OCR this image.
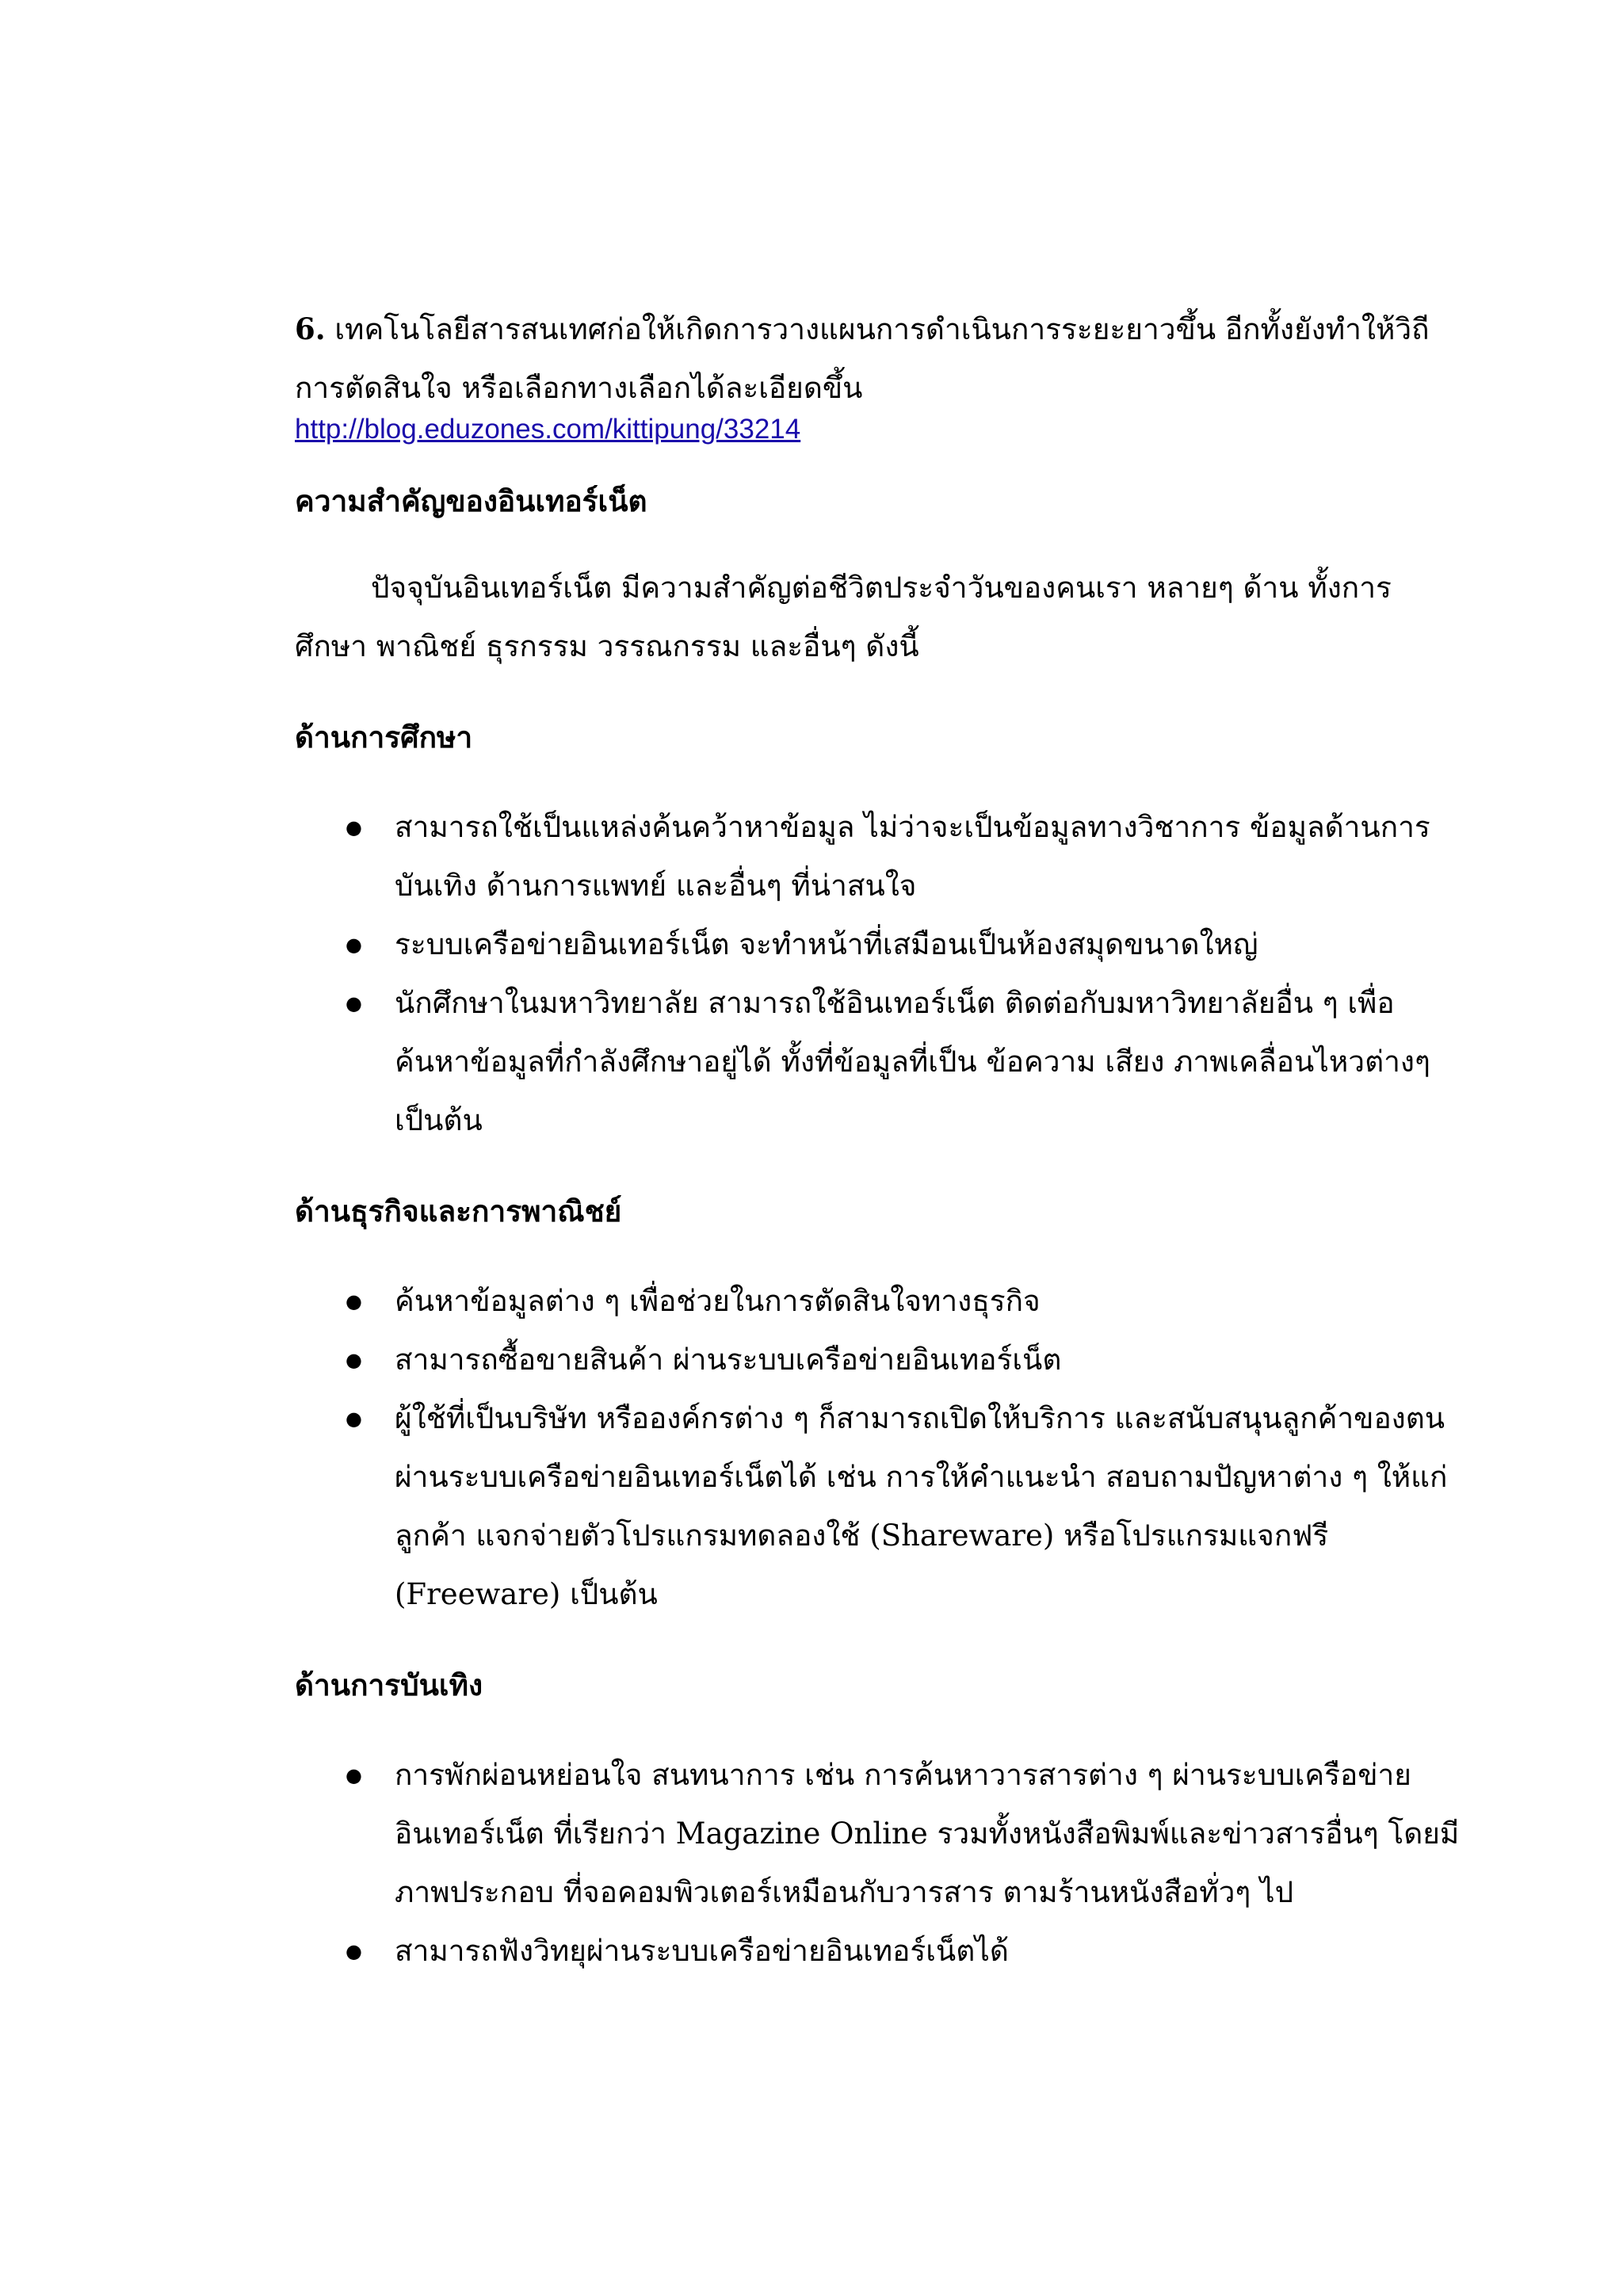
6. เทคโนโลยีสารสนเทศก่อให้เกิดการวางแผนการดำเนินการระยะยาวขึ้น อีกทั้งยังทำให้วิถีการตัดสินใจ หรือเลือกทางเลือกได้ละเอียดขึ้น

http://blog.eduzones.com/kittipung/33214

ความสำคัญของอินเทอร์เน็ต

ปัจจุบันอินเทอร์เน็ต มีความสำคัญต่อชีวิตประจำวันของคนเรา หลายๆ ด้าน ทั้งการศึกษา พาณิชย์ ธุรกรรม วรรณกรรม และอื่นๆ ดังนี้

ด้านการศึกษา

● สามารถใช้เป็นแหล่งค้นคว้าหาข้อมูล ไม่ว่าจะเป็นข้อมูลทางวิชาการ ข้อมูลด้านการบันเทิง ด้านการแพทย์ และอื่นๆ ที่น่าสนใจ
● ระบบเครือข่ายอินเทอร์เน็ต จะทำหน้าที่เสมือนเป็นห้องสมุดขนาดใหญ่
● นักศึกษาในมหาวิทยาลัย สามารถใช้อินเทอร์เน็ต ติดต่อกับมหาวิทยาลัยอื่น ๆ เพื่อค้นหาข้อมูลที่กำลังศึกษาอยู่ได้ ทั้งที่ข้อมูลที่เป็น ข้อความ เสียง ภาพเคลื่อนไหวต่างๆ เป็นต้น

ด้านธุรกิจและการพาณิชย์

● ค้นหาข้อมูลต่าง ๆ เพื่อช่วยในการตัดสินใจทางธุรกิจ
● สามารถซื้อขายสินค้า ผ่านระบบเครือข่ายอินเทอร์เน็ต
● ผู้ใช้ที่เป็นบริษัท หรือองค์กรต่าง ๆ ก็สามารถเปิดให้บริการ และสนับสนุนลูกค้าของตน ผ่านระบบเครือข่ายอินเทอร์เน็ตได้ เช่น การให้คำแนะนำ สอบถามปัญหาต่าง ๆ ให้แก่ลูกค้า แจกจ่ายตัวโปรแกรมทดลองใช้ (Shareware) หรือโปรแกรมแจกฟรี (Freeware) เป็นต้น

ด้านการบันเทิง

● การพักผ่อนหย่อนใจ สนทนาการ เช่น การค้นหาวารสารต่าง ๆ ผ่านระบบเครือข่ายอินเทอร์เน็ต ที่เรียกว่า Magazine Online รวมทั้งหนังสือพิมพ์และข่าวสารอื่นๆ โดยมีภาพประกอบ ที่จอคอมพิวเตอร์เหมือนกับวารสาร ตามร้านหนังสือทั่วๆ ไป
● สามารถฟังวิทยุผ่านระบบเครือข่ายอินเทอร์เน็ตได้
